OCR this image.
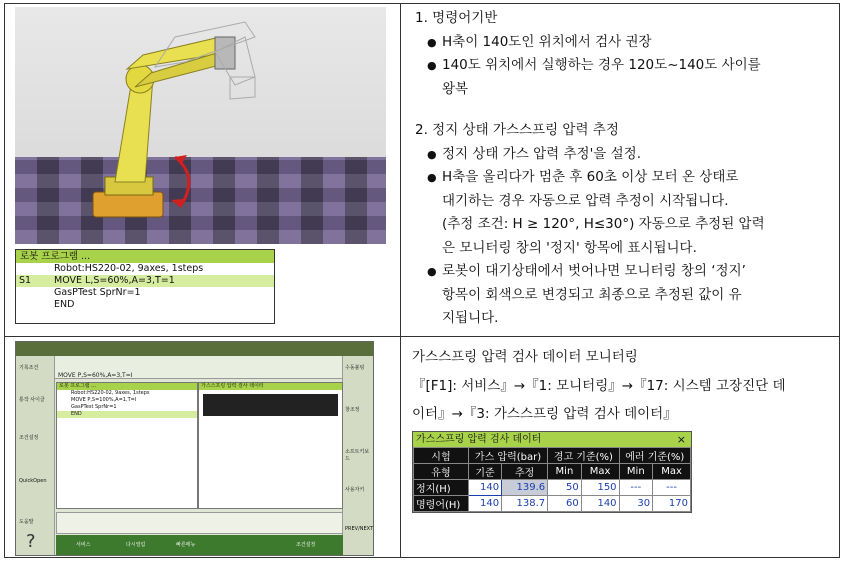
로봇 프로그램 ...
Robot:HS220-02, 9axes, 1steps
S1 MOVE L,S=60%,A=3,T=1
GasPTest SprNr=1
END
1. 명령어기반
● H축이 140도인 위치에서 검사 권장
● 140도 위치에서 실행하는 경우 120도~140도 사이를
왕복
2. 정지 상태 가스스프링 압력 추정
● 정지 상태 가스 압력 추정'을 설정.
● H축을 올리다가 멈춘 후 60초 이상 모터 온 상태로
대기하는 경우 자동으로 압력 추정이 시작됩니다.
(추정 조건: H ≥ 120°, H≤30°) 자동으로 추정된 압력
은 모니터링 창의 '정지' 항목에 표시됩니다.
● 로봇이 대기상태에서 벗어나면 모니터링 창의 ‘정지’
항목이 회색으로 변경되고 최종으로 추정된 값이 유
지됩니다.
MOVE P,S=60%,A=3,T=I
기록조건
통작 사이클
조건설정
QuickOpen
도움말
?
수동볼팅
창조정
소프트키보드
사용자키
PREV/NEXT
로봇 프로그램 ...
Robot:HS220-02, 9axes, 1steps
MOVE P,S=100%,A=1,T=I
GasPTest SprNr=1
END
가스스프링 압력 검사 데이터
서비스	다시열림	빠른메뉴	조건설정
가스스프링 압력 검사 데이터 모니터링
『[F1]: 서비스』→『1: 모니터링』→『17: 시스템 고장진단 데
이터』→『3: 가스스프링 압력 검사 데이터』
가스스프링 압력 검사 데이터	×
시험	가스 압력(bar)		경고 기준(%)		에러 기준(%)	
유형	기준	추정	Min	Max	Min	Max
정지(H)	140	139.6	50	150	---	---
명령어(H)	140	138.7	60	140	30	170
